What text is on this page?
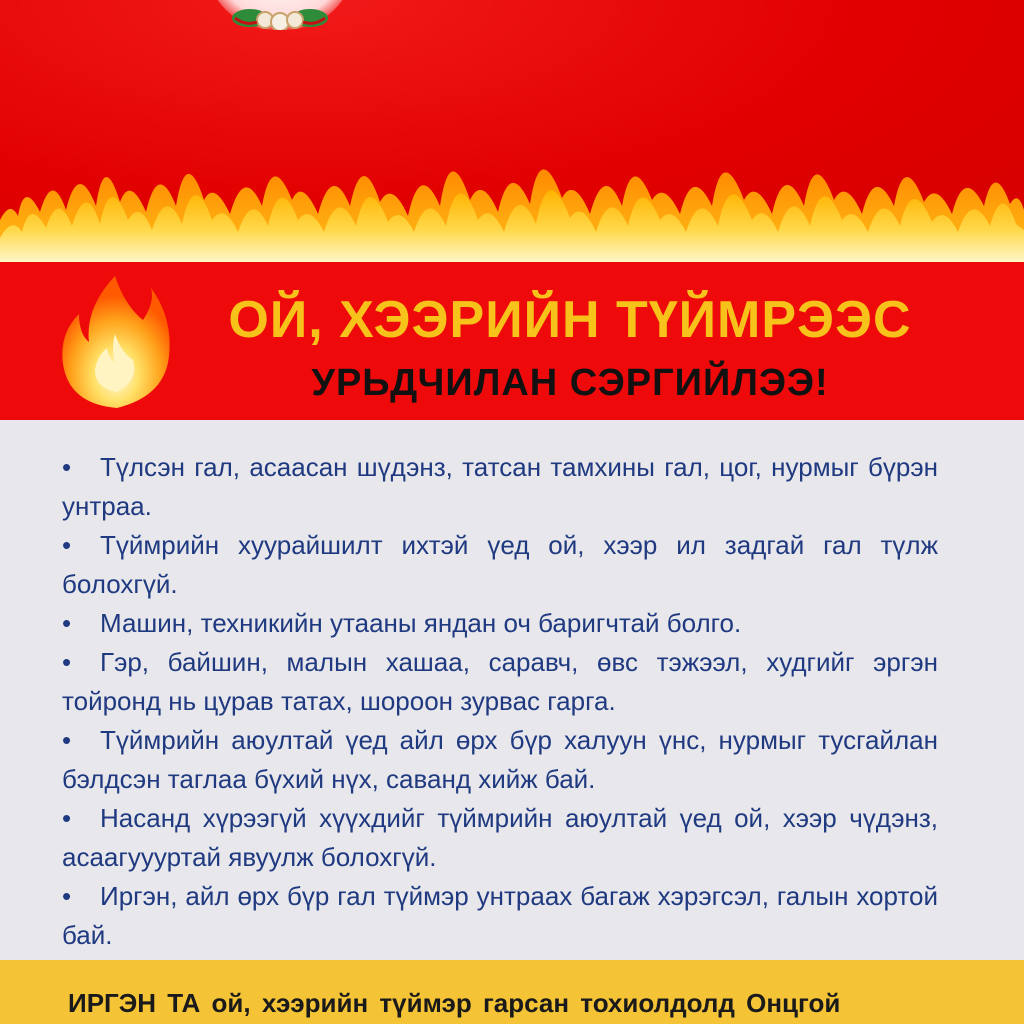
ОЙ, ХЭЭРИЙН ТҮЙМРЭЭС
УРЬДЧИЛАН СЭРГИЙЛЭЭ!
• Түлсэн гал, асаасан шүдэнз, татсан тамхины гал, цог, нурмыг бүрэн унтраа.
• Түймрийн хуурайшилт ихтэй үед ой, хээр ил задгай гал түлж болохгүй.
• Машин, техникийн утааны яндан оч баригчтай болго.
• Гэр, байшин, малын хашаа, саравч, өвс тэжээл, худгийг эргэн тойронд нь цурав татах, шороон зурвас гарга.
• Түймрийн аюултай үед айл өрх бүр халуун үнс, нурмыг тусгайлан бэлдсэн таглаа бүхий нүх, саванд хийж бай.
• Насанд хүрээгүй хүүхдийг түймрийн аюултай үед ой, хээр чүдэнз, асаагуууртай явуулж болохгүй.
• Иргэн, айл өрх бүр гал түймэр унтраах багаж хэрэгсэл, галын хортой бай.
ИРГЭН ТА ой, хээрийн түймэр гарсан тохиолдолд Онцгой
